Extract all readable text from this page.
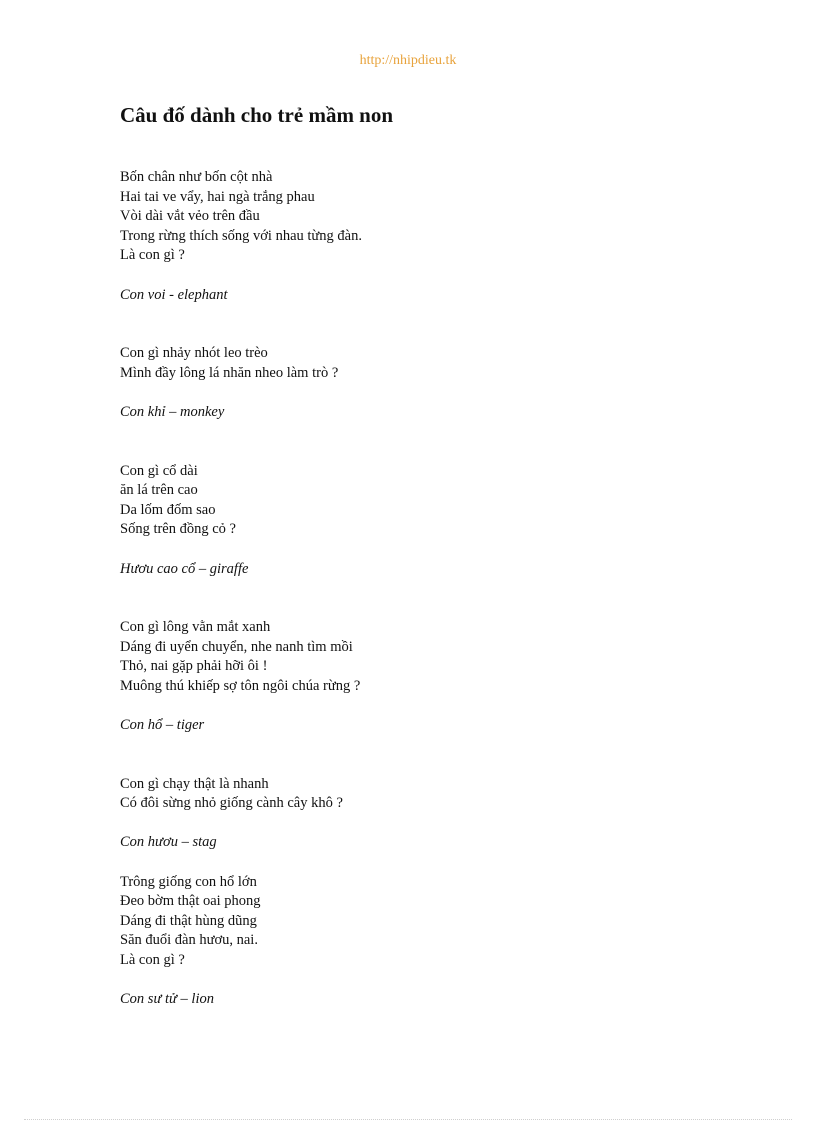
http://nhipdieu.tk
Câu đố dành cho trẻ mầm non
Bốn chân như bốn cột nhà
Hai tai ve vẩy, hai ngà trắng phau
Vòi dài vắt vẻo trên đầu
Trong rừng thích sống với nhau từng đàn.
Là con gì ?
Con voi - elephant
Con gì nhảy nhót leo trèo
Mình đầy lông lá nhăn nheo làm trò ?
Con khỉ – monkey
Con gì cổ dài
ăn lá trên cao
Da lốm đốm sao
Sống trên đồng cỏ ?
Hươu cao cổ – giraffe
Con gì lông vằn mắt xanh
Dáng đi uyển chuyển, nhe nanh tìm mồi
Thỏ, nai gặp phải hỡi ôi !
Muông thú khiếp sợ tôn ngôi chúa rừng ?
Con hổ – tiger
Con gì chạy thật là nhanh
Có đôi sừng nhỏ giống cành cây khô ?
Con hươu – stag
Trông giống con hổ lớn
Đeo bờm thật oai phong
Dáng đi thật hùng dũng
Săn đuổi đàn hươu, nai.
Là con gì ?
Con sư tử – lion
